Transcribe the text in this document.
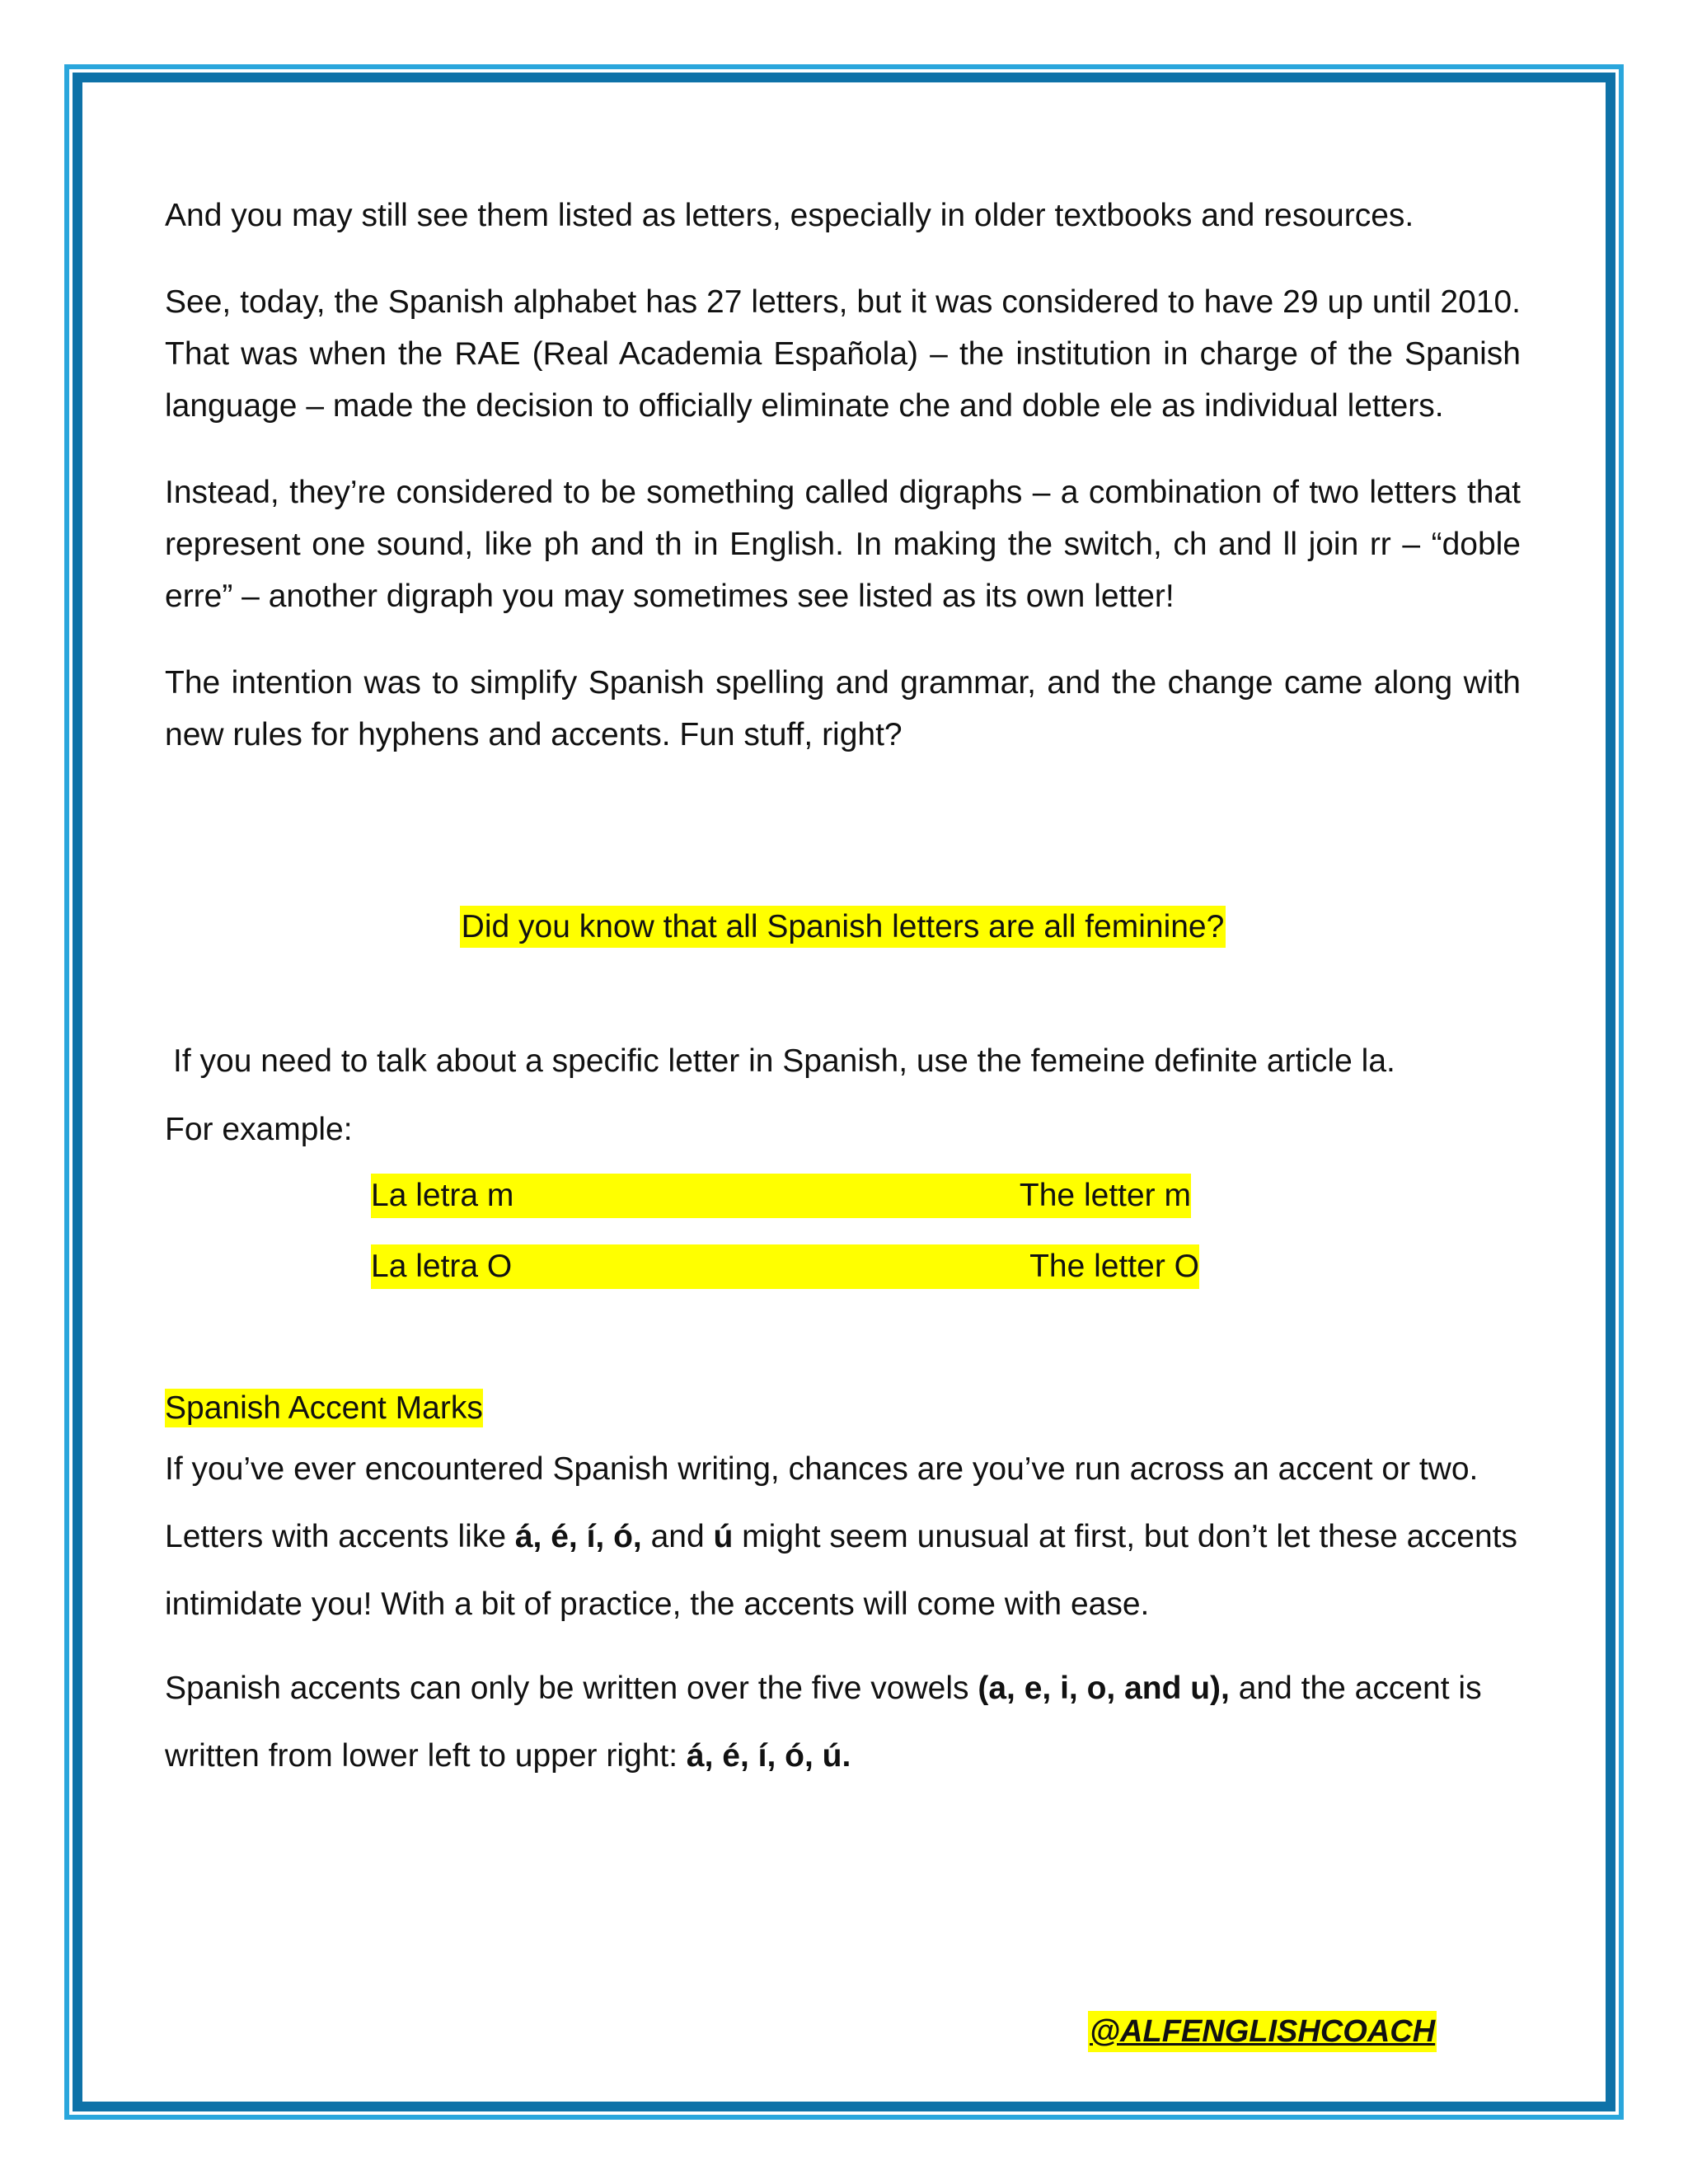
And you may still see them listed as letters, especially in older textbooks and resources.

See, today, the Spanish alphabet has 27 letters, but it was considered to have 29 up until 2010. That was when the RAE (Real Academia Española) – the institution in charge of the Spanish language – made the decision to officially eliminate che and doble ele as individual letters.

Instead, they’re considered to be something called digraphs – a combination of two letters that represent one sound, like ph and th in English. In making the switch, ch and ll join rr – “doble erre” – another digraph you may sometimes see listed as its own letter!

The intention was to simplify Spanish spelling and grammar, and the change came along with new rules for hyphens and accents. Fun stuff, right?

Did you know that all Spanish letters are all feminine?

If you need to talk about a specific letter in Spanish, use the femeine definite article la.

For example:
La letra m	The letter m
La letra O	The letter O
Spanish Accent Marks

If you’ve ever encountered Spanish writing, chances are you’ve run across an accent or two. Letters with accents like á, é, í, ó, and ú might seem unusual at first, but don’t let these accents intimidate you! With a bit of practice, the accents will come with ease.

Spanish accents can only be written over the five vowels (a, e, i, o, and u), and the accent is written from lower left to upper right: á, é, í, ó, ú.

@ALFENGLISHCOACH
